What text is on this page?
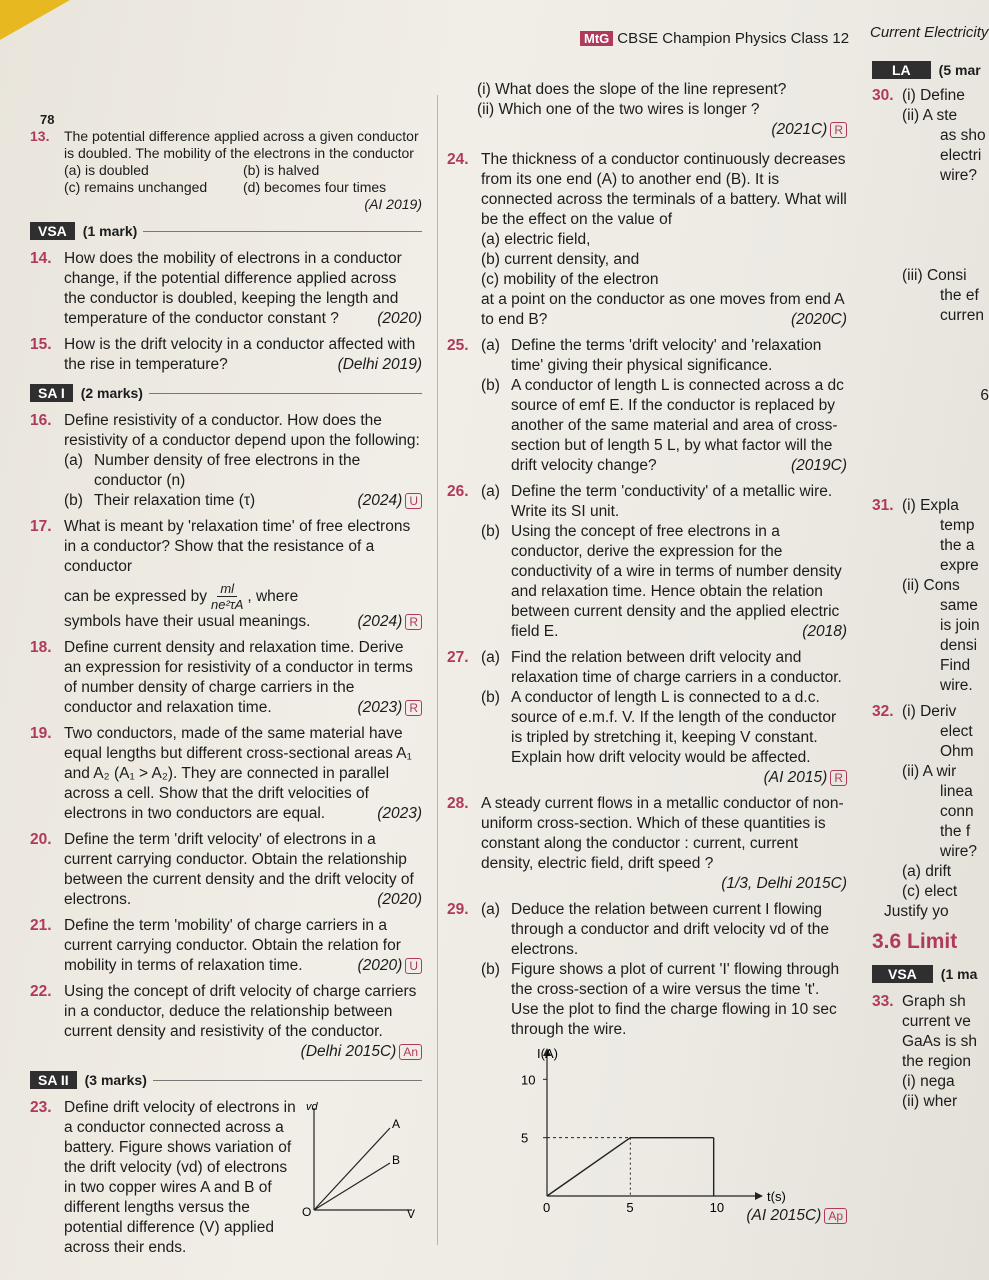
78
MtG CBSE Champion Physics Class 12 Current Electricity
13. The potential difference applied across a given conductor is doubled. The mobility of the electrons in the conductor

(a) is doubled	(b) is halved
(c) remains unchanged	(d) becomes four times

(AI 2019)

VSA	(1 mark)
14. How does the mobility of electrons in a conductor change, if the potential difference applied across the conductor is doubled, keeping the length and temperature of the conductor constant ?	(2020)

15. How is the drift velocity in a conductor affected with the rise in temperature?	(Delhi 2019)

SA I	(2 marks)
16. Define resistivity of a conductor. How does the resistivity of a conductor depend upon the following:

(a) Number density of free electrons in the conductor (n)

(b) Their relaxation time (τ)	(2024) U

17. What is meant by 'relaxation time' of free electrons in a conductor? Show that the resistance of a conductor

can be expressed by $\frac{ml}{\text{ne²τA}}$ , where

symbols have their usual meanings.	(2024) R

18. Define current density and relaxation time. Derive an expression for resistivity of a conductor in terms of number density of charge carriers in the conductor and relaxation time.	(2023) R

19. Two conductors, made of the same material have equal lengths but different cross-sectional areas A₁ and A₂ (A₁ > A₂). They are connected in parallel across a cell. Show that the drift velocities of electrons in two conductors are equal.	(2023)

20. Define the term 'drift velocity' of electrons in a current carrying conductor. Obtain the relationship between the current density and the drift velocity of electrons.	(2020)

21. Define the term 'mobility' of charge carriers in a current carrying conductor. Obtain the relation for mobility in terms of relaxation time.	(2020) U

22. Using the concept of drift velocity of charge carriers in a conductor, deduce the relationship between current density and resistivity of the conductor.

(Delhi 2015C) An

SA II	(3 marks)
23. Define drift velocity of electrons in a conductor connected across a battery. Figure shows variation of the drift velocity (vd) of electrons in two copper wires A and B of different lengths versus the potential difference (V) applied across their ends.

vd
A
B
O	V

(i) What does the slope of the line represent?

(ii) Which one of the two wires is longer ?

(2021C) R

24. The thickness of a conductor continuously decreases from its one end (A) to another end (B). It is connected across the terminals of a battery. What will be the effect on the value of

(a) electric field,

(b) current density, and

(c) mobility of the electron

at a point on the conductor as one moves from end A to end B?	(2020C)

25. (a) Define the terms 'drift velocity' and 'relaxation time' giving their physical significance.

(b) A conductor of length L is connected across a dc source of emf E. If the conductor is replaced by another of the same material and area of cross-section but of length 5 L, by what factor will the drift velocity change?	(2019C)

26. (a) Define the term 'conductivity' of a metallic wire. Write its SI unit.

(b) Using the concept of free electrons in a conductor, derive the expression for the conductivity of a wire in terms of number density and relaxation time. Hence obtain the relation between current density and the applied electric field E.	(2018)

27. (a) Find the relation between drift velocity and relaxation time of charge carriers in a conductor.

(b) A conductor of length L is connected to a d.c. source of e.m.f. V. If the length of the conductor is tripled by stretching it, keeping V constant. Explain how drift velocity would be affected.

(AI 2015) R

28. A steady current flows in a metallic conductor of non-uniform cross-section. Which of these quantities is constant along the conductor : current, current density, electric field, drift speed ?

(1/3, Delhi 2015C)

29. (a) Deduce the relation between current I flowing through a conductor and drift velocity vd of the electrons.

(b) Figure shows a plot of current 'I' flowing through the cross-section of a wire versus the time 't'. Use the plot to find the charge flowing in 10 sec through the wire.

I(A)
t(s)
0	5	10
5
10

(AI 2015C) Ap

LA	(5 mar
30. (i) Define

(ii) A ste

as sho

electri

wire?

(iii) Consi

the ef

curren

6

31. (i) Expla

temp

the a

expre

(ii) Cons

same

is join

densi

Find

wire.

32. (i) Deriv

elect

Ohm

(ii) A wir

linea

conn

the f

wire?

(a) drift

(c) elect

Justify yo

3.6 Limit

VSA	(1 ma
33. Graph sh

current ve

GaAs is sh

the region

(i) nega

(ii) wher
